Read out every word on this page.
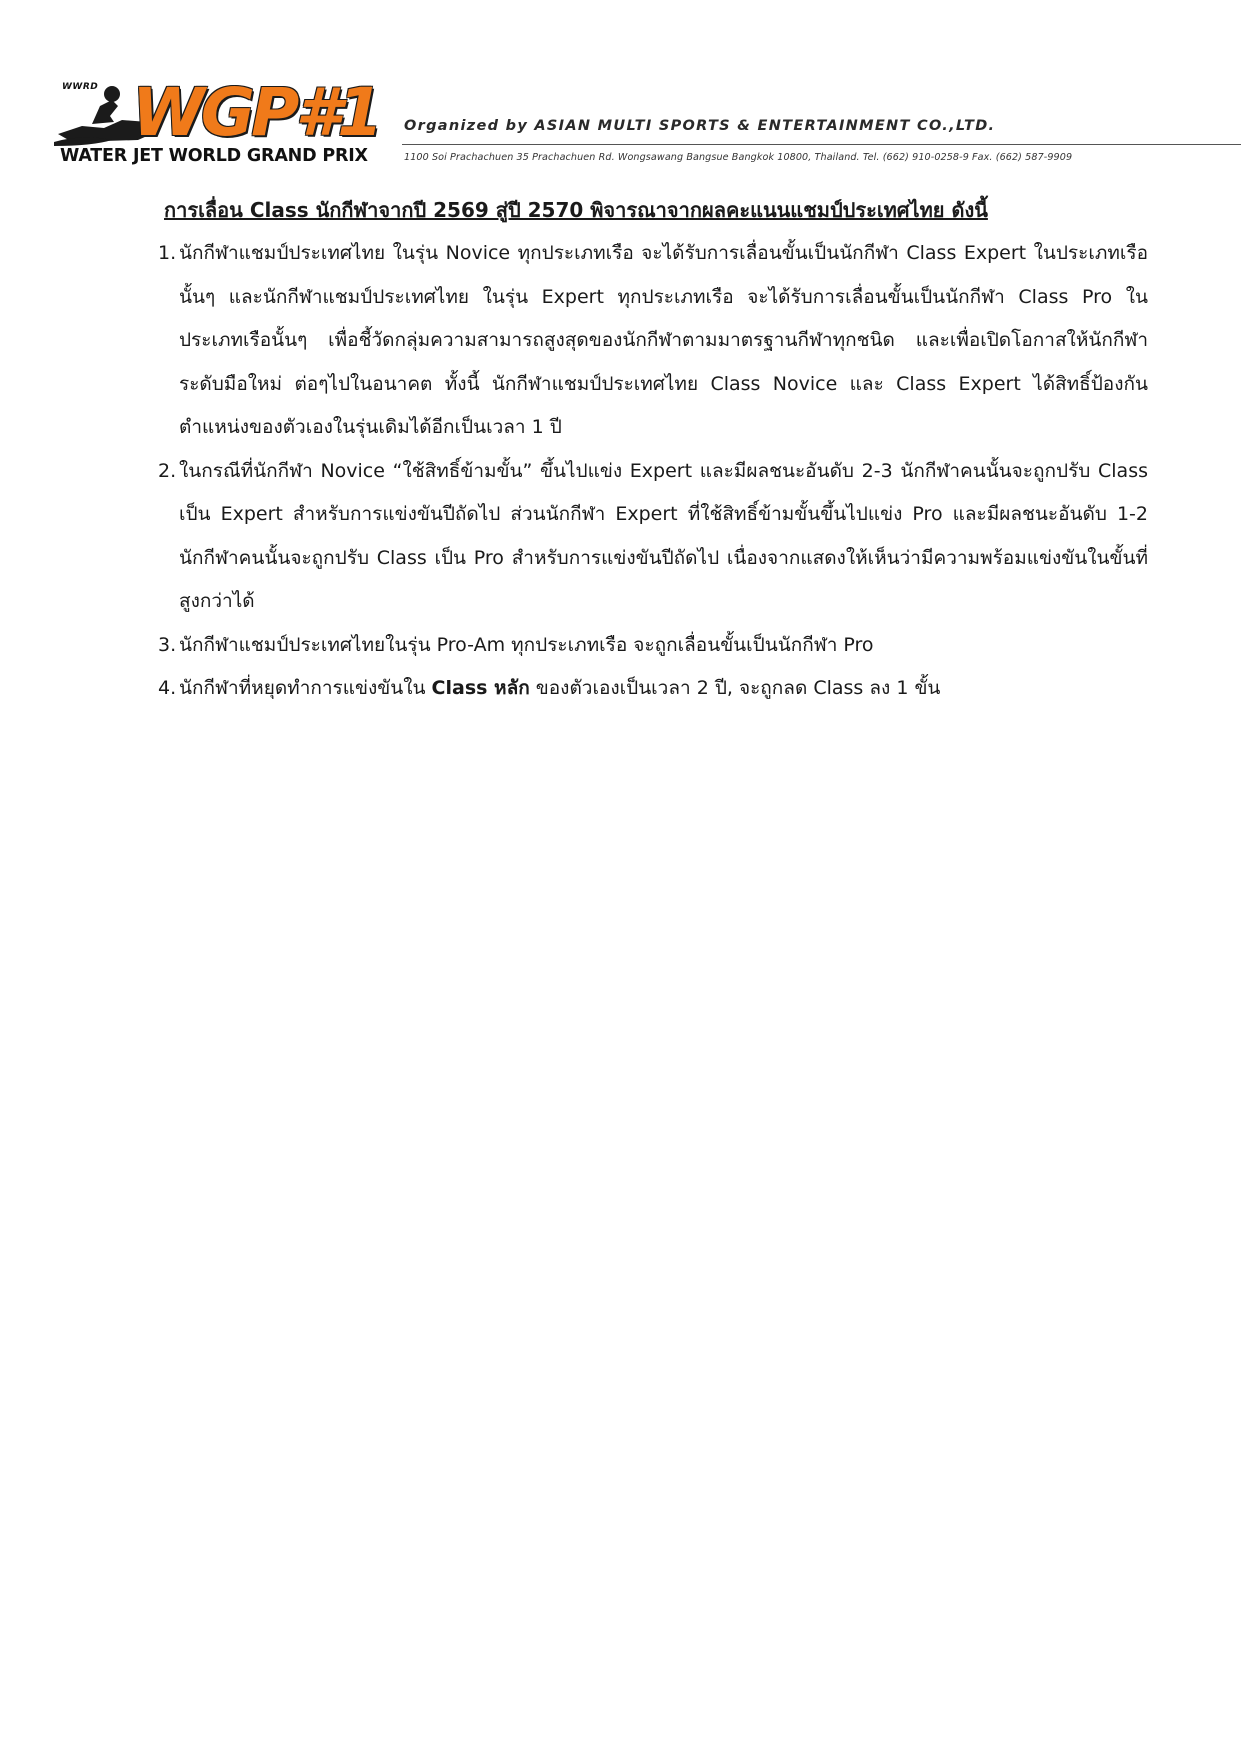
WWRD WGP#1
WATER JET WORLD GRAND PRIX
Organized by ASIAN MULTI SPORTS & ENTERTAINMENT CO.,LTD.
1100 Soi Prachachuen 35 Prachachuen Rd. Wongsawang Bangsue Bangkok 10800, Thailand. Tel. (662) 910-0258-9 Fax. (662) 587-9909
การเลื่อน Class นักกีฬาจากปี 2569 สู่ปี 2570 พิจารณาจากผลคะแนนแชมป์ประเทศไทย ดังนี้
1. นักกีฬาแชมป์ประเทศไทย ในรุ่น Novice ทุกประเภทเรือ จะได้รับการเลื่อนขั้นเป็นนักกีฬา Class Expert ในประเภทเรือนั้นๆ และนักกีฬาแชมป์ประเทศไทย ในรุ่น Expert ทุกประเภทเรือ จะได้รับการเลื่อนขั้นเป็นนักกีฬา Class Pro ในประเภทเรือนั้นๆ เพื่อชี้วัดกลุ่มความสามารถสูงสุดของนักกีฬาตามมาตรฐานกีฬาทุกชนิด และเพื่อเปิดโอกาสให้นักกีฬาระดับมือใหม่ ต่อๆไปในอนาคต ทั้งนี้ นักกีฬาแชมป์ประเทศไทย Class Novice และ Class Expert ได้สิทธิ์ป้องกันตำแหน่งของตัวเองในรุ่นเดิมได้อีกเป็นเวลา 1 ปี

2. ในกรณีที่นักกีฬา Novice “ใช้สิทธิ์ข้ามขั้น” ขึ้นไปแข่ง Expert และมีผลชนะอันดับ 2-3 นักกีฬาคนนั้นจะถูกปรับ Class เป็น Expert สำหรับการแข่งขันปีถัดไป ส่วนนักกีฬา Expert ที่ใช้สิทธิ์ข้ามขั้นขึ้นไปแข่ง Pro และมีผลชนะอันดับ 1-2 นักกีฬาคนนั้นจะถูกปรับ Class เป็น Pro สำหรับการแข่งขันปีถัดไป เนื่องจากแสดงให้เห็นว่ามีความพร้อมแข่งขันในขั้นที่สูงกว่าได้

3. นักกีฬาแชมป์ประเทศไทยในรุ่น Pro-Am ทุกประเภทเรือ จะถูกเลื่อนขั้นเป็นนักกีฬา Pro

4. นักกีฬาที่หยุดทำการแข่งขันใน Class หลัก ของตัวเองเป็นเวลา 2 ปี, จะถูกลด Class ลง 1 ขั้น
